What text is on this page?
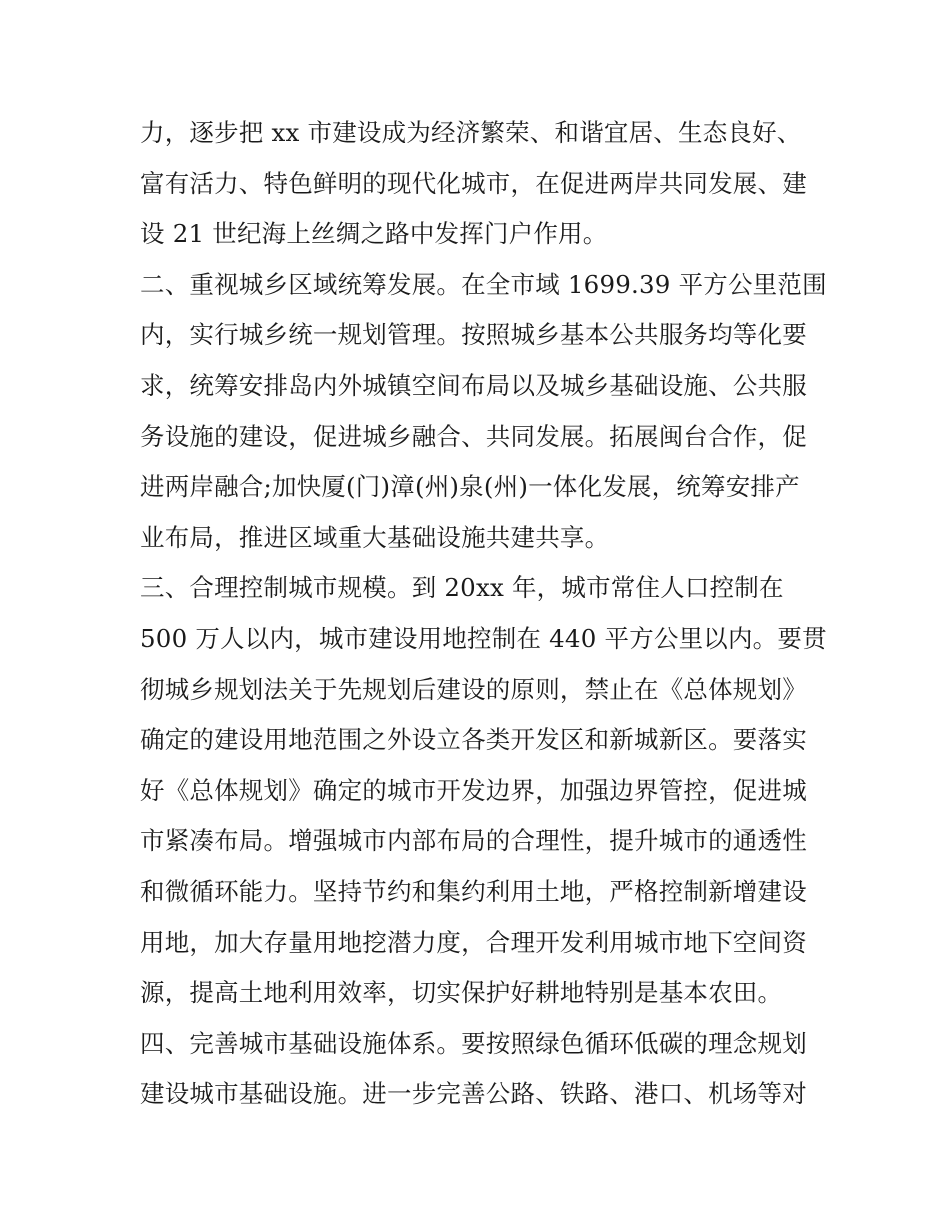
力，逐步把 xx 市建设成为经济繁荣、和谐宜居、生态良好、
富有活力、特色鲜明的现代化城市，在促进两岸共同发展、建
设 21 世纪海上丝绸之路中发挥门户作用。
二、重视城乡区域统筹发展。在全市域 1699.39 平方公里范围
内，实行城乡统一规划管理。按照城乡基本公共服务均等化要
求，统筹安排岛内外城镇空间布局以及城乡基础设施、公共服
务设施的建设，促进城乡融合、共同发展。拓展闽台合作，促
进两岸融合;加快厦(门)漳(州)泉(州)一体化发展，统筹安排产
业布局，推进区域重大基础设施共建共享。
三、合理控制城市规模。到 20xx 年，城市常住人口控制在
500 万人以内，城市建设用地控制在 440 平方公里以内。要贯
彻城乡规划法关于先规划后建设的原则，禁止在《总体规划》
确定的建设用地范围之外设立各类开发区和新城新区。要落实
好《总体规划》确定的城市开发边界，加强边界管控，促进城
市紧凑布局。增强城市内部布局的合理性，提升城市的通透性
和微循环能力。坚持节约和集约利用土地，严格控制新增建设
用地，加大存量用地挖潜力度，合理开发利用城市地下空间资
源，提高土地利用效率，切实保护好耕地特别是基本农田。
四、完善城市基础设施体系。要按照绿色循环低碳的理念规划
建设城市基础设施。进一步完善公路、铁路、港口、机场等对
